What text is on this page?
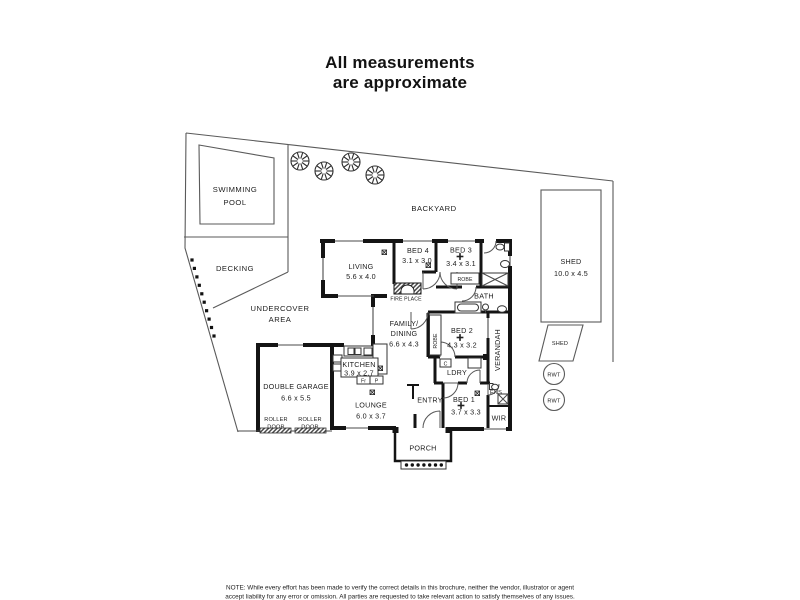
All measurements
are approximate
SWIMMING
POOL
BACKYARD
DECKING
UNDERCOVER
AREA
SHED
10.0 x 4.5
SHED
RWT
RWT
FIRE PLACE
Fr P
ROBE
ROBE
C
LIVING
5.6 x 4.0
BED 4
3.1 x 3.0
BED 3
3.4 x 3.1
BATH
FAMILY/
DINING
6.6 x 4.3
BED 2
4.3 x 3.2 VERANDAH
KITCHEN
3.9 x 2.7
DOUBLE GARAGE
6.6 x 5.5
ROLLER
DOOR
ROLLER
DOOR
LOUNGE
6.0 x 3.7
ENTRY BED 1
3.7 x 3.3
ENS
WIR
LDRY
PORCH
NOTE: While every effort has been made to verify the correct details in this brochure, neither the vendor, illustrator or agent
accept liability for any error or omission. All parties are requested to take relevant action to satisfy themselves of any issues.
